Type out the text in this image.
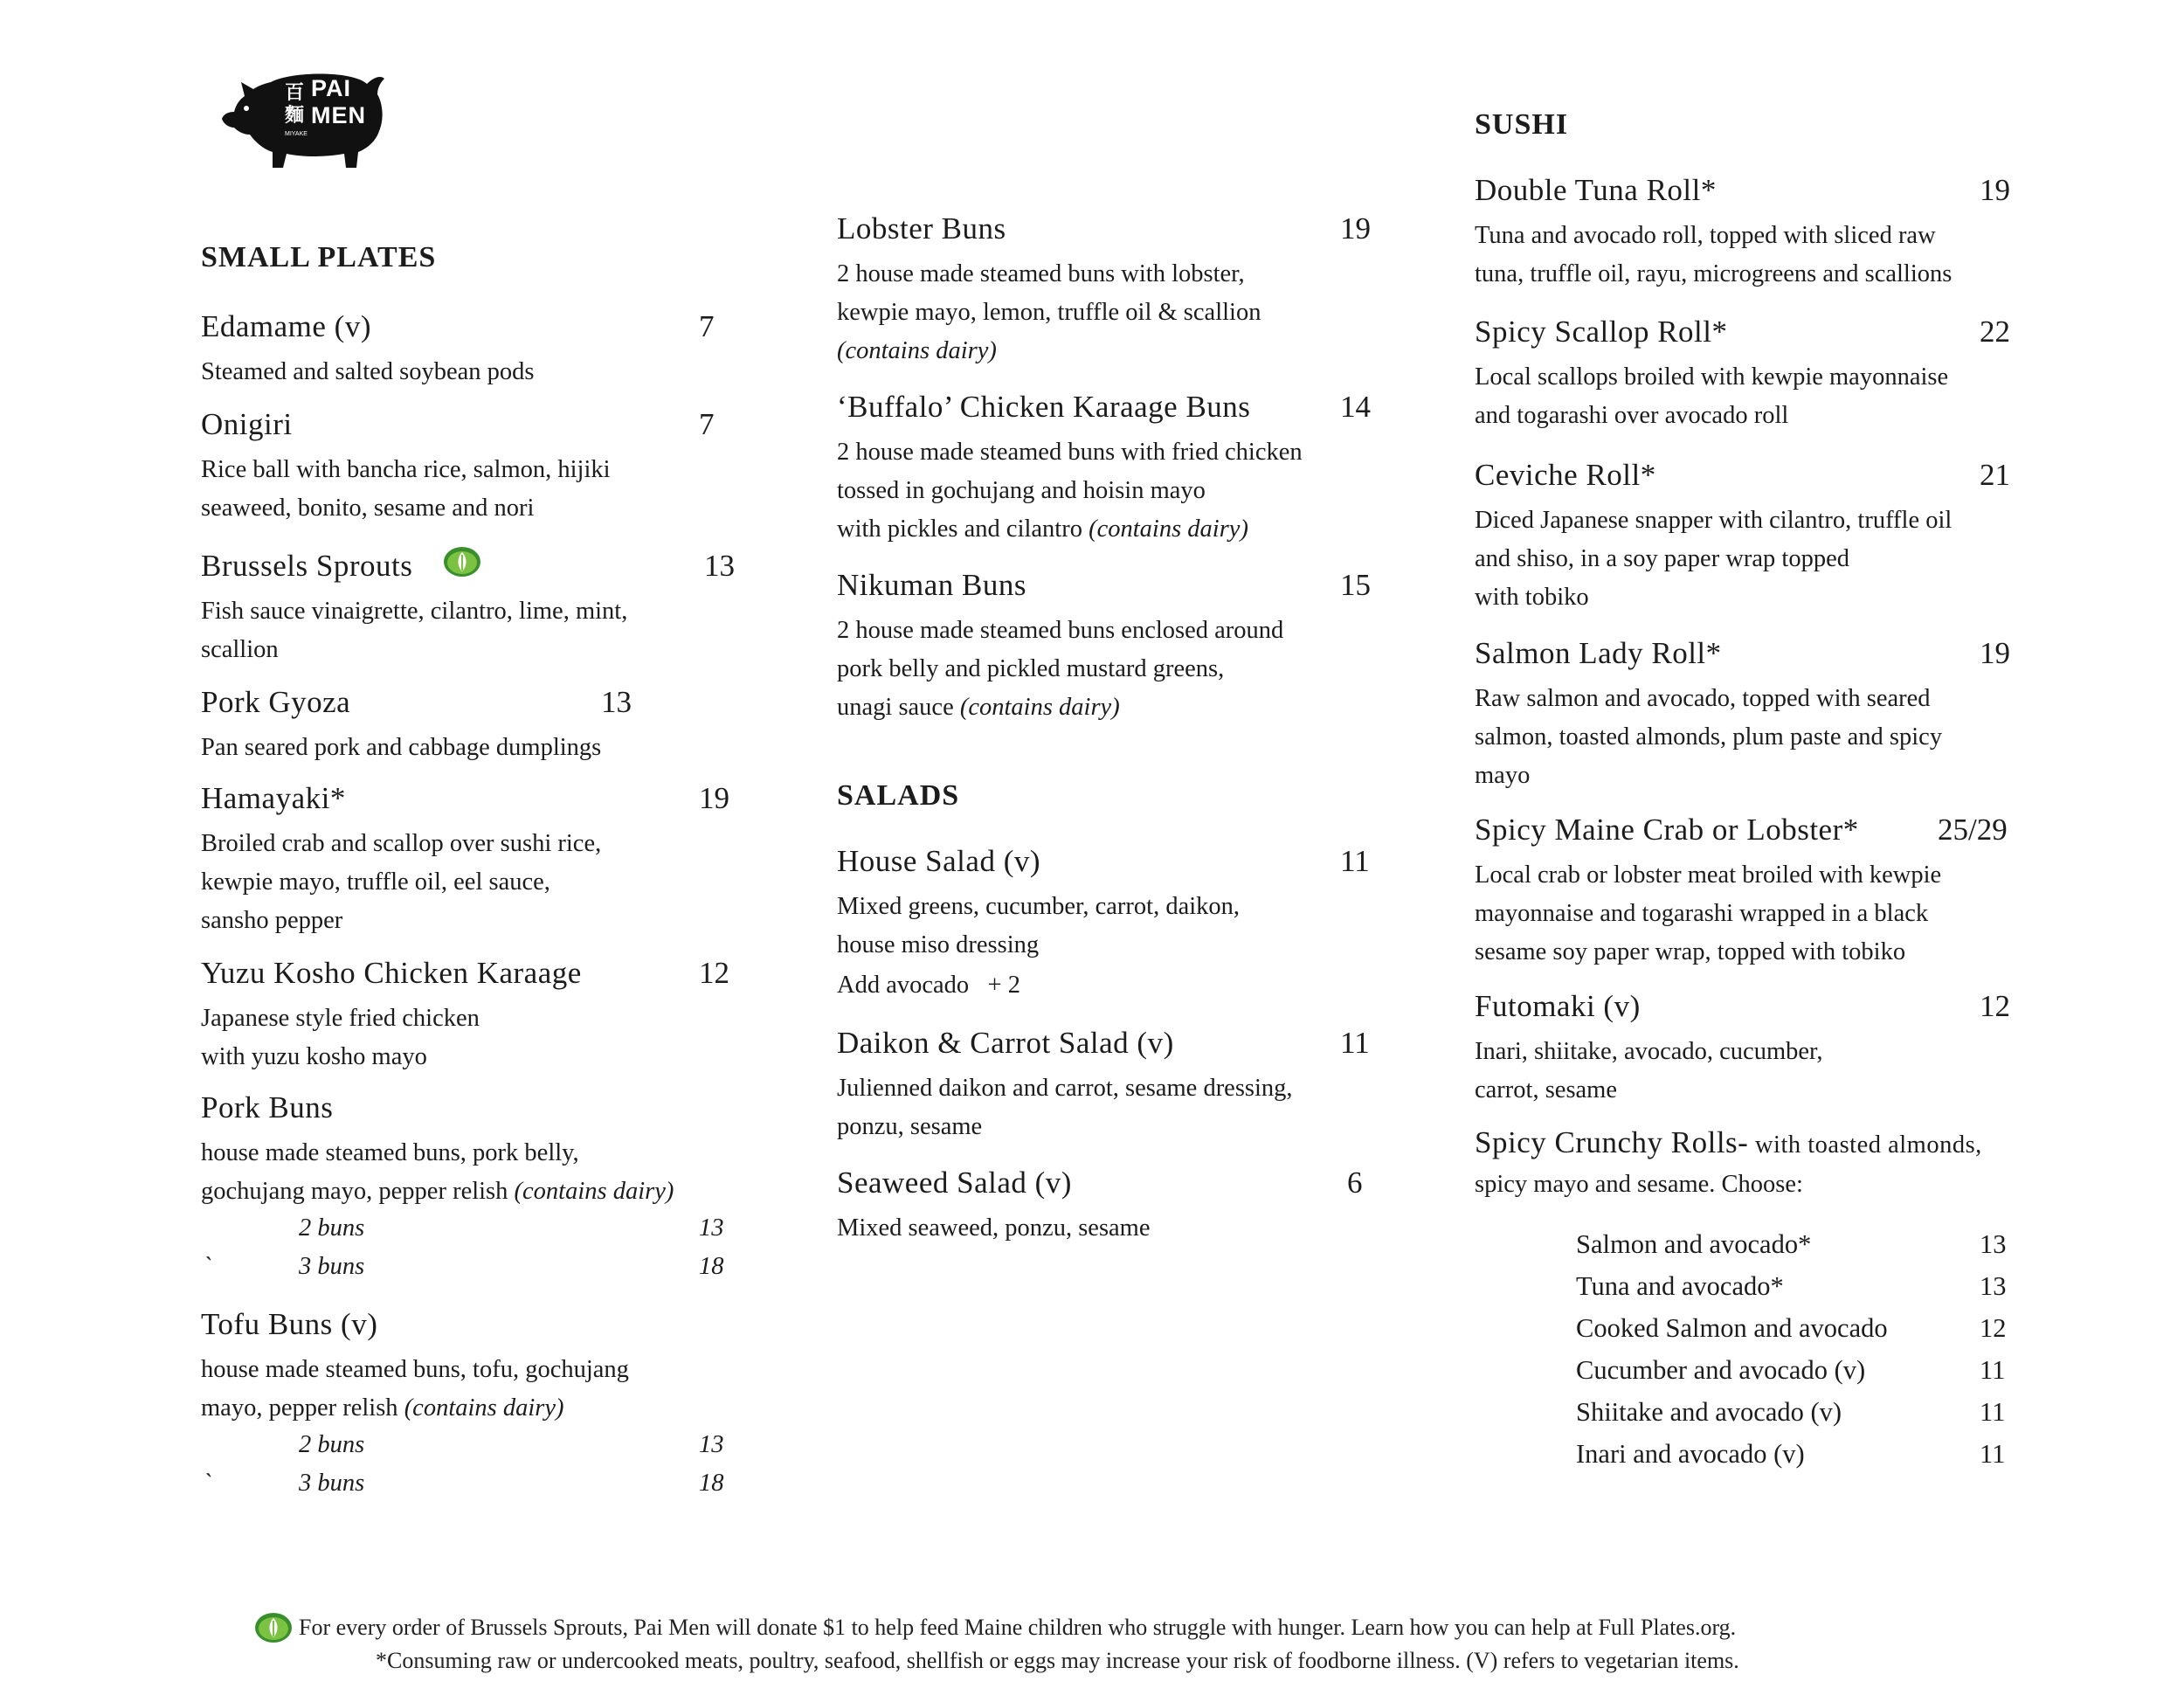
百
麵
PAI
MEN
MIYAKE
SMALL PLATES
Edamame (v)	7

Steamed and salted soybean pods

Onigiri	7

Rice ball with bancha rice, salmon, hijiki

seaweed, bonito, sesame and nori

Brussels Sprouts	13

Fish sauce vinaigrette, cilantro, lime, mint,

scallion

Pork Gyoza	13

Pan seared pork and cabbage dumplings

Hamayaki*	19

Broiled crab and scallop over sushi rice,

kewpie mayo, truffle oil, eel sauce,

sansho pepper

Yuzu Kosho Chicken Karaage	12

Japanese style fried chicken

with yuzu kosho mayo

Pork Buns

house made steamed buns, pork belly,

gochujang mayo, pepper relish (contains dairy)

2 buns	13
`	3 buns	18
Tofu Buns (v)

house made steamed buns, tofu, gochujang

mayo, pepper relish (contains dairy)

2 buns	13
`	3 buns	18
Lobster Buns	19

2 house made steamed buns with lobster,

kewpie mayo, lemon, truffle oil & scallion

(contains dairy)

‘Buffalo’ Chicken Karaage Buns	14

2 house made steamed buns with fried chicken

tossed in gochujang and hoisin mayo

with pickles and cilantro (contains dairy)

Nikuman Buns	15

2 house made steamed buns enclosed around

pork belly and pickled mustard greens,

unagi sauce (contains dairy)

SALADS
House Salad (v)	11

Mixed greens, cucumber, carrot, daikon,

house miso dressing

Add avocado   + 2

Daikon & Carrot Salad (v)	11

Julienned daikon and carrot, sesame dressing,

ponzu, sesame

Seaweed Salad (v)	6

Mixed seaweed, ponzu, sesame

SUSHI
Double Tuna Roll*	19

Tuna and avocado roll, topped with sliced raw

tuna, truffle oil, rayu, microgreens and scallions

Spicy Scallop Roll*	22

Local scallops broiled with kewpie mayonnaise

and togarashi over avocado roll

Ceviche Roll*	21

Diced Japanese snapper with cilantro, truffle oil

and shiso, in a soy paper wrap topped

with tobiko

Salmon Lady Roll*	19

Raw salmon and avocado, topped with seared

salmon, toasted almonds, plum paste and spicy

mayo

Spicy Maine Crab or Lobster*	25/29

Local crab or lobster meat broiled with kewpie

mayonnaise and togarashi wrapped in a black

sesame soy paper wrap, topped with tobiko

Futomaki (v)	12

Inari, shiitake, avocado, cucumber,

carrot, sesame

Spicy Crunchy Rolls- with toasted almonds,

spicy mayo and sesame. Choose:

Salmon and avocado*	13
Tuna and avocado*	13
Cooked Salmon and avocado	12
Cucumber and avocado (v)	11
Shiitake and avocado (v)	11
Inari and avocado (v)	11
For every order of Brussels Sprouts, Pai Men will donate $1 to help feed Maine children who struggle with hunger. Learn how you can help at Full Plates.org.
*Consuming raw or undercooked meats, poultry, seafood, shellfish or eggs may increase your risk of foodborne illness. (V) refers to vegetarian items.
